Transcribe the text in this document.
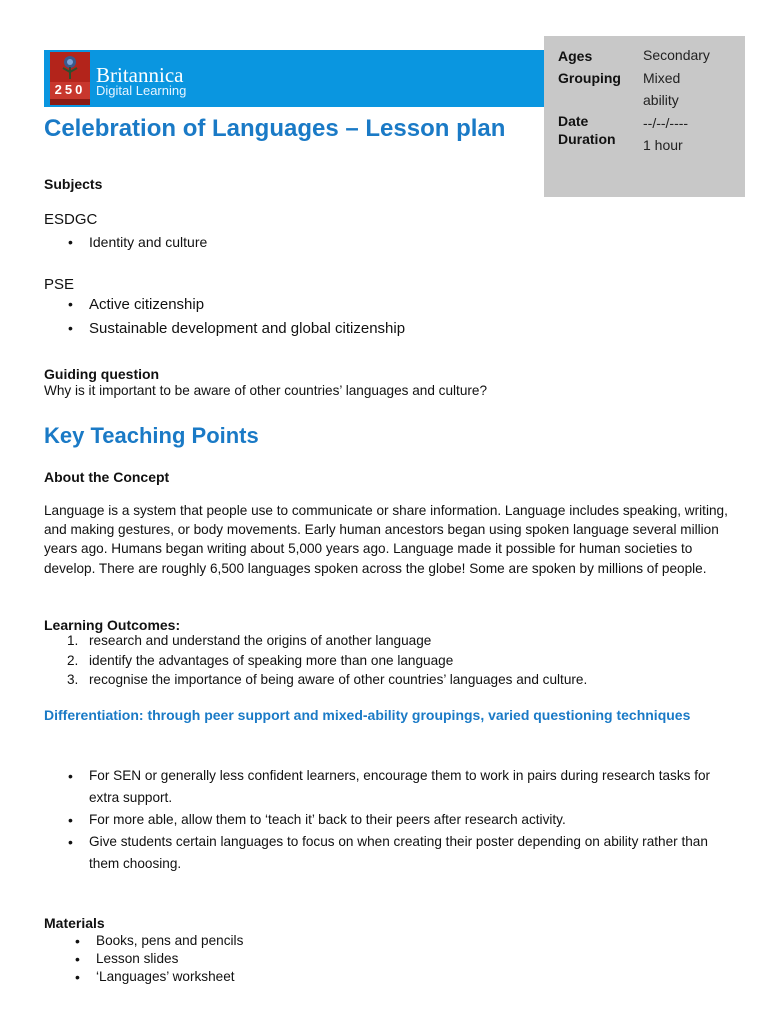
250
Britannica
Digital Learning
Ages	Secondary
Grouping Mixed
ability
Date	--/--/----
Duration 1 hour
Celebration of Languages – Lesson plan

Subjects

ESDGC

• Identity and culture

PSE

• Active citizenship
• Sustainable development and global citizenship

Guiding question

Why is it important to be aware of other countries’ languages and culture?

Key Teaching Points

About the Concept

Language is a system that people use to communicate or share information. Language includes speaking, writing, and making gestures, or body movements. Early human ancestors began using spoken language several million years ago. Humans began writing about 5,000 years ago. Language made it possible for human societies to develop. There are roughly 6,500 languages spoken across the globe! Some are spoken by millions of people.

Learning Outcomes:

1. research and understand the origins of another language
2. identify the advantages of speaking more than one language
3. recognise the importance of being aware of other countries’ languages and culture.

Differentiation: through peer support and mixed-ability groupings, varied questioning techniques

• For SEN or generally less confident learners, encourage them to work in pairs during research tasks for extra support.
• For more able, allow them to ‘teach it’ back to their peers after research activity.
• Give students certain languages to focus on when creating their poster depending on ability rather than them choosing.

Materials

• Books, pens and pencils
• Lesson slides
• ‘Languages’ worksheet
